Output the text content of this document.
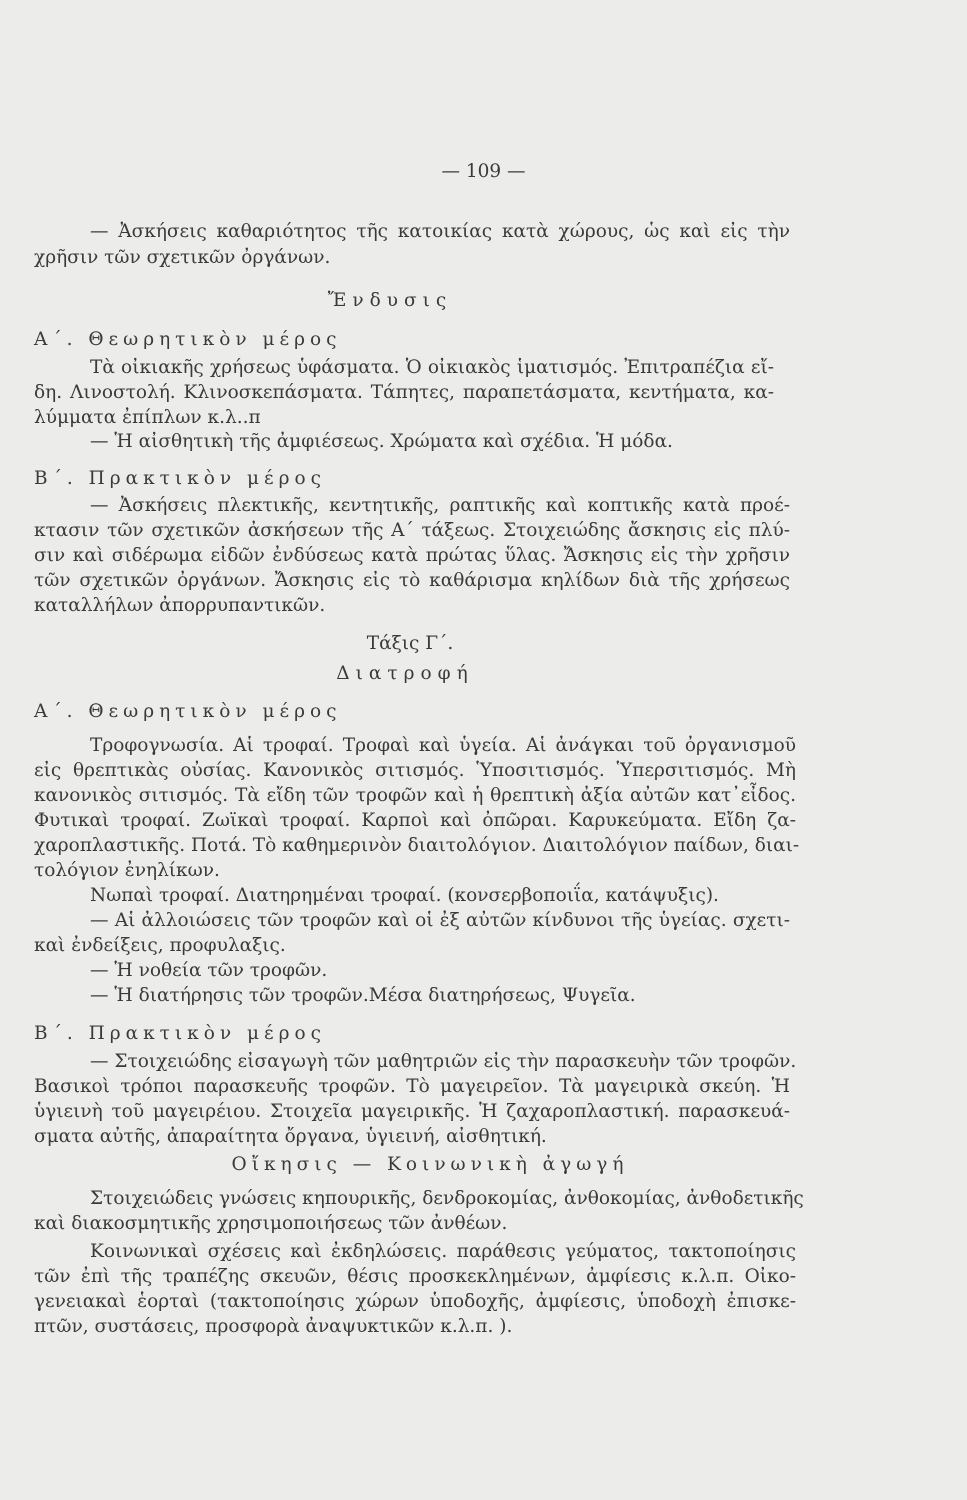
— 109 —
— Ἀσκήσεις καθαριότητος τῆς κατοικίας κατὰ χώρους, ὡς καὶ εἰς τὴν
χρῆσιν τῶν σχετικῶν ὀργάνων.
Ἔνδυσις
Α΄. Θεωρητικὸν μέρος
Τὰ οἰκιακῆς χρήσεως ὑφάσματα. Ὁ οἰκιακὸς ἱματισμός. Ἐπιτραπέζια εἴ-
δη. Λινοστολή. Κλινοσκεπάσματα. Τάπητες, παραπετάσματα, κεντήματα, κα-
λύμματα ἐπίπλων κ.λ..π
— Ἡ αἰσθητικὴ τῆς ἀμφιέσεως. Χρώματα καὶ σχέδια. Ἡ μόδα.
Β΄. Πρακτικὸν μέρος
— Ἀσκήσεις πλεκτικῆς, κεντητικῆς, ραπτικῆς καὶ κοπτικῆς κατὰ προέ-
κτασιν τῶν σχετικῶν ἀσκήσεων τῆς Α΄ τάξεως. Στοιχειώδης ἄσκησις εἰς πλύ-
σιν καὶ σιδέρωμα εἰδῶν ἐνδύσεως κατὰ πρώτας ὕλας. Ἄσκησις εἰς τὴν χρῆσιν
τῶν σχετικῶν ὀργάνων. Ἄσκησις εἰς τὸ καθάρισμα κηλίδων διὰ τῆς χρήσεως
καταλλήλων ἀπορρυπαντικῶν.
Τάξις Γ΄.
Διατροφή
Α΄. Θεωρητικὸν μέρος
Τροφογνωσία. Αἱ τροφαί. Τροφαὶ καὶ ὑγεία. Αἱ ἀνάγκαι τοῦ ὀργανισμοῦ
εἰς θρεπτικὰς οὐσίας. Κανονικὸς σιτισμός. Ὑποσιτισμός. Ὑπερσιτισμός. Μὴ
κανονικὸς σιτισμός. Τὰ εἴδη τῶν τροφῶν καὶ ἡ θρεπτικὴ ἀξία αὐτῶν κατ᾽εἶδος.
Φυτικαὶ τροφαί. Ζωϊκαὶ τροφαί. Καρποὶ καὶ ὀπῶραι. Καρυκεύματα. Εἴδη ζα-
χαροπλαστικῆς. Ποτά. Τὸ καθημερινὸν διαιτολόγιον. Διαιτολόγιον παίδων, διαι-
τολόγιον ἐνηλίκων.
Νωπαὶ τροφαί. Διατηρημέναι τροφαί. (κονσερβοποιΐα, κατάψυξις).
— Αἱ ἀλλοιώσεις τῶν τροφῶν καὶ οἱ ἐξ αὐτῶν κίνδυνοι τῆς ὑγείας. σχετι-
καὶ ἐνδείξεις, προφυλαξις.
— Ἡ νοθεία τῶν τροφῶν.
— Ἡ διατήρησις τῶν τροφῶν.Μέσα διατηρήσεως, Ψυγεῖα.
Β΄. Πρακτικὸν μέρος
— Στοιχειώδης εἰσαγωγὴ τῶν μαθητριῶν εἰς τὴν παρασκευὴν τῶν τροφῶν.
Βασικοὶ τρόποι παρασκευῆς τροφῶν. Τὸ μαγειρεῖον. Τὰ μαγειρικὰ σκεύη. Ἡ
ὑγιεινὴ τοῦ μαγειρέιου. Στοιχεῖα μαγειρικῆς. Ἡ ζαχαροπλαστική. παρασκευά-
σματα αὐτῆς, ἀπαραίτητα ὄργανα, ὑγιεινή, αἰσθητική.
Οἴκησις — Κοινωνικὴ ἀγωγή
Στοιχειώδεις γνώσεις κηπουρικῆς, δενδροκομίας, ἀνθοκομίας, ἀνθοδετικῆς
καὶ διακοσμητικῆς χρησιμοποιήσεως τῶν ἀνθέων.
Κοινωνικαὶ σχέσεις καὶ ἐκδηλώσεις. παράθεσις γεύματος, τακτοποίησις
τῶν ἐπὶ τῆς τραπέζης σκευῶν, θέσις προσκεκλημένων, ἀμφίεσις κ.λ.π. Οἰκο-
γενειακαὶ ἑορταὶ (τακτοποίησις χώρων ὑποδοχῆς, ἀμφίεσις, ὑποδοχὴ ἐπισκε-
πτῶν, συστάσεις, προσφορὰ ἀναψυκτικῶν κ.λ.π. ).
